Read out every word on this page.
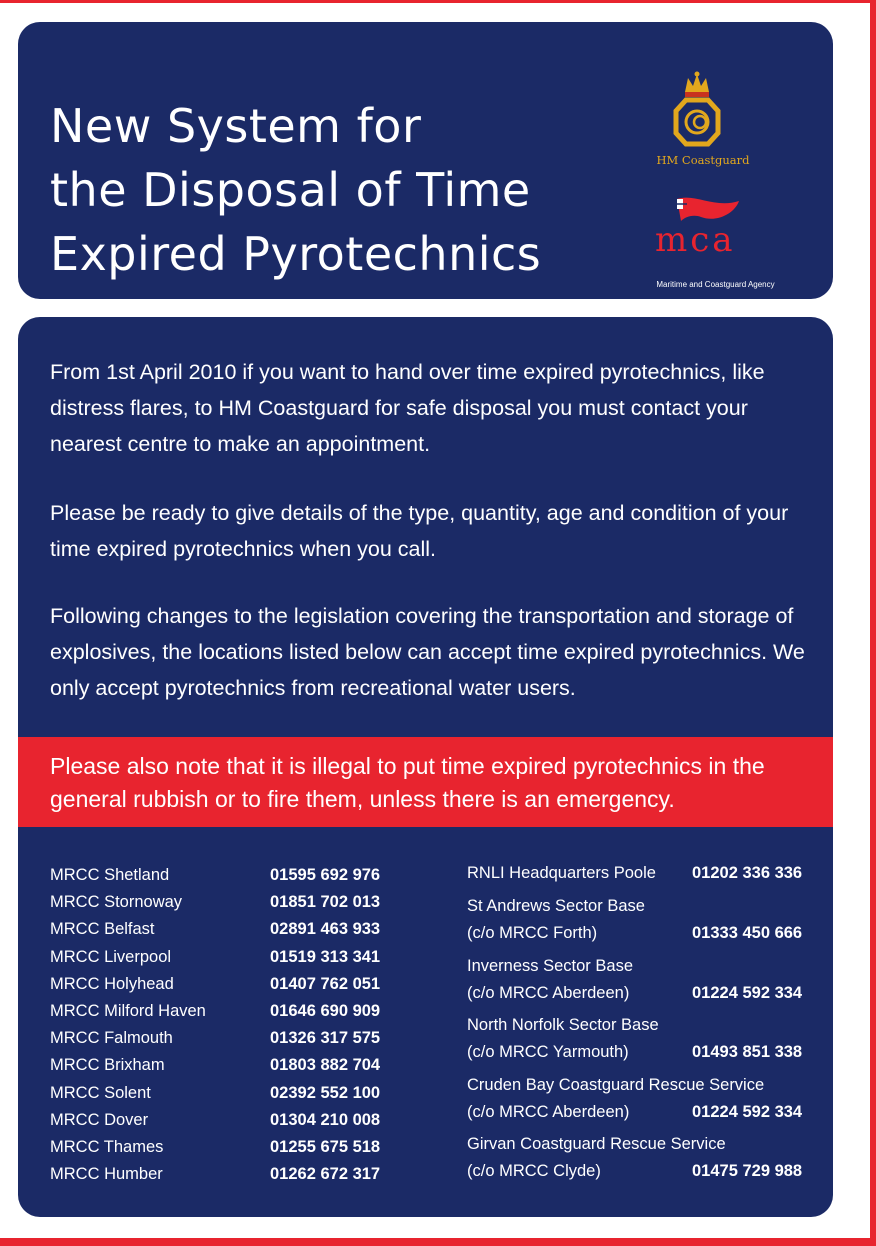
New System for
the Disposal of Time
Expired Pyrotechnics
HM Coastguard
mca
Maritime and Coastguard Agency
From 1st April 2010 if you want to hand over time expired pyrotechnics, like distress flares, to HM Coastguard for safe disposal you must contact your nearest centre to make an appointment.
Please be ready to give details of the type, quantity, age and condition of your time expired pyrotechnics when you call.
Following changes to the legislation covering the transportation and storage of explosives, the locations listed below can accept time expired pyrotechnics. We only accept pyrotechnics from recreational water users.
Please also note that it is illegal to put time expired pyrotechnics in the general rubbish or to fire them, unless there is an emergency.
MRCC Shetland	01595 692 976
MRCC Stornoway	01851 702 013
MRCC Belfast	02891 463 933
MRCC Liverpool	01519 313 341
MRCC Holyhead	01407 762 051
MRCC Milford Haven	01646 690 909
MRCC Falmouth	01326 317 575
MRCC Brixham	01803 882 704
MRCC Solent	02392 552 100
MRCC Dover	01304 210 008
MRCC Thames	01255 675 518
MRCC Humber	01262 672 317
RNLI Headquarters Poole	01202 336 336
St Andrews Sector Base
(c/o MRCC Forth)	01333 450 666
Inverness Sector Base
(c/o MRCC Aberdeen)	01224 592 334
North Norfolk Sector Base
(c/o MRCC Yarmouth)	01493 851 338
Cruden Bay Coastguard Rescue Service
(c/o MRCC Aberdeen)	01224 592 334
Girvan Coastguard Rescue Service
(c/o MRCC Clyde)	01475 729 988
